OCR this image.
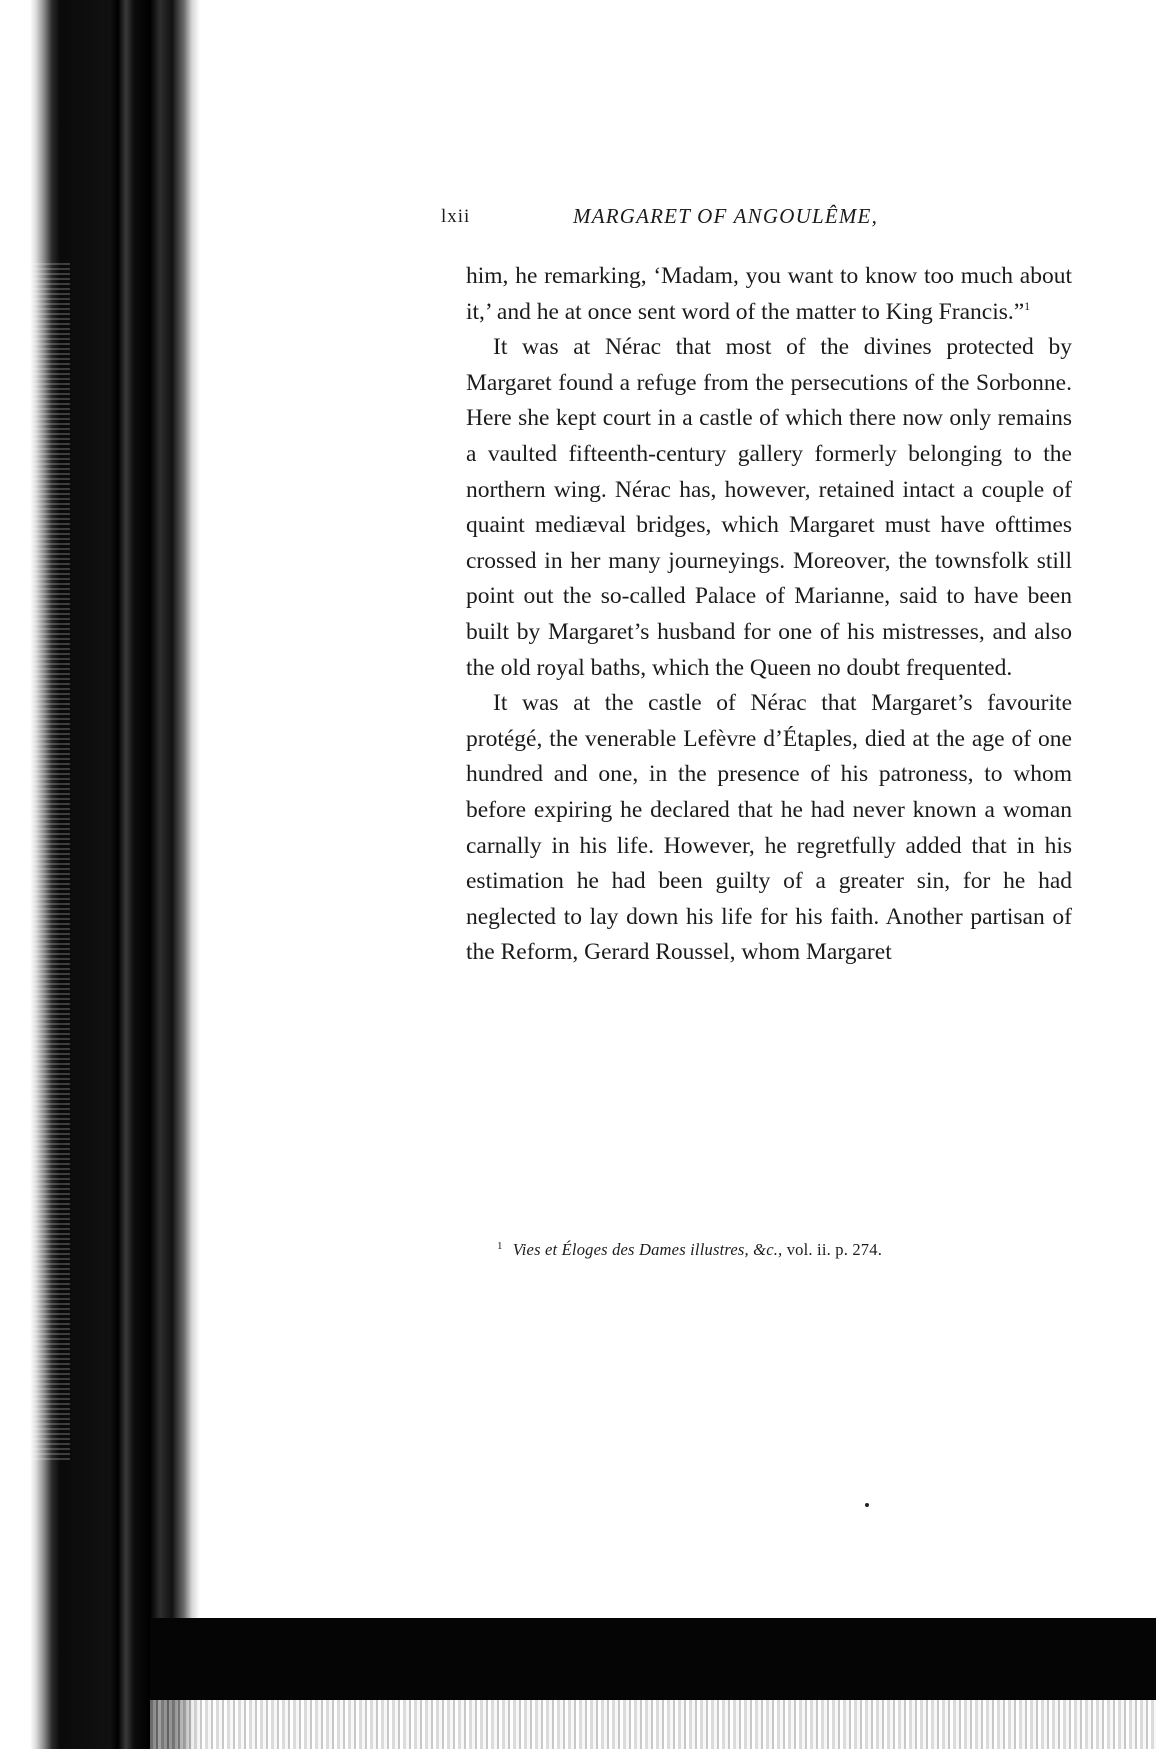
lxii	MARGARET OF ANGOULÊME,

him, he remarking, ‘Madam, you want to know too much about it,’ and he at once sent word of the matter to King Francis.”$^1$

It was at Nérac that most of the divines protected by Margaret found a refuge from the persecutions of the Sorbonne. Here she kept court in a castle of which there now only remains a vaulted fifteenth-century gallery formerly belonging to the northern wing. Nérac has, however, retained intact a couple of quaint mediæval bridges, which Margaret must have ofttimes crossed in her many journeyings. Moreover, the townsfolk still point out the so-called Palace of Marianne, said to have been built by Margaret’s husband for one of his mistresses, and also the old royal baths, which the Queen no doubt frequented.

It was at the castle of Nérac that Margaret’s favourite protégé, the venerable Lefèvre d’Étaples, died at the age of one hundred and one, in the presence of his patroness, to whom before expiring he declared that he had never known a woman carnally in his life. However, he regretfully added that in his estimation he had been guilty of a greater sin, for he had neglected to lay down his life for his faith. Another partisan of the Reform, Gerard Roussel, whom Margaret

$^1$ Vies et Éloges des Dames illustres, &c., vol. ii. p. 274.
